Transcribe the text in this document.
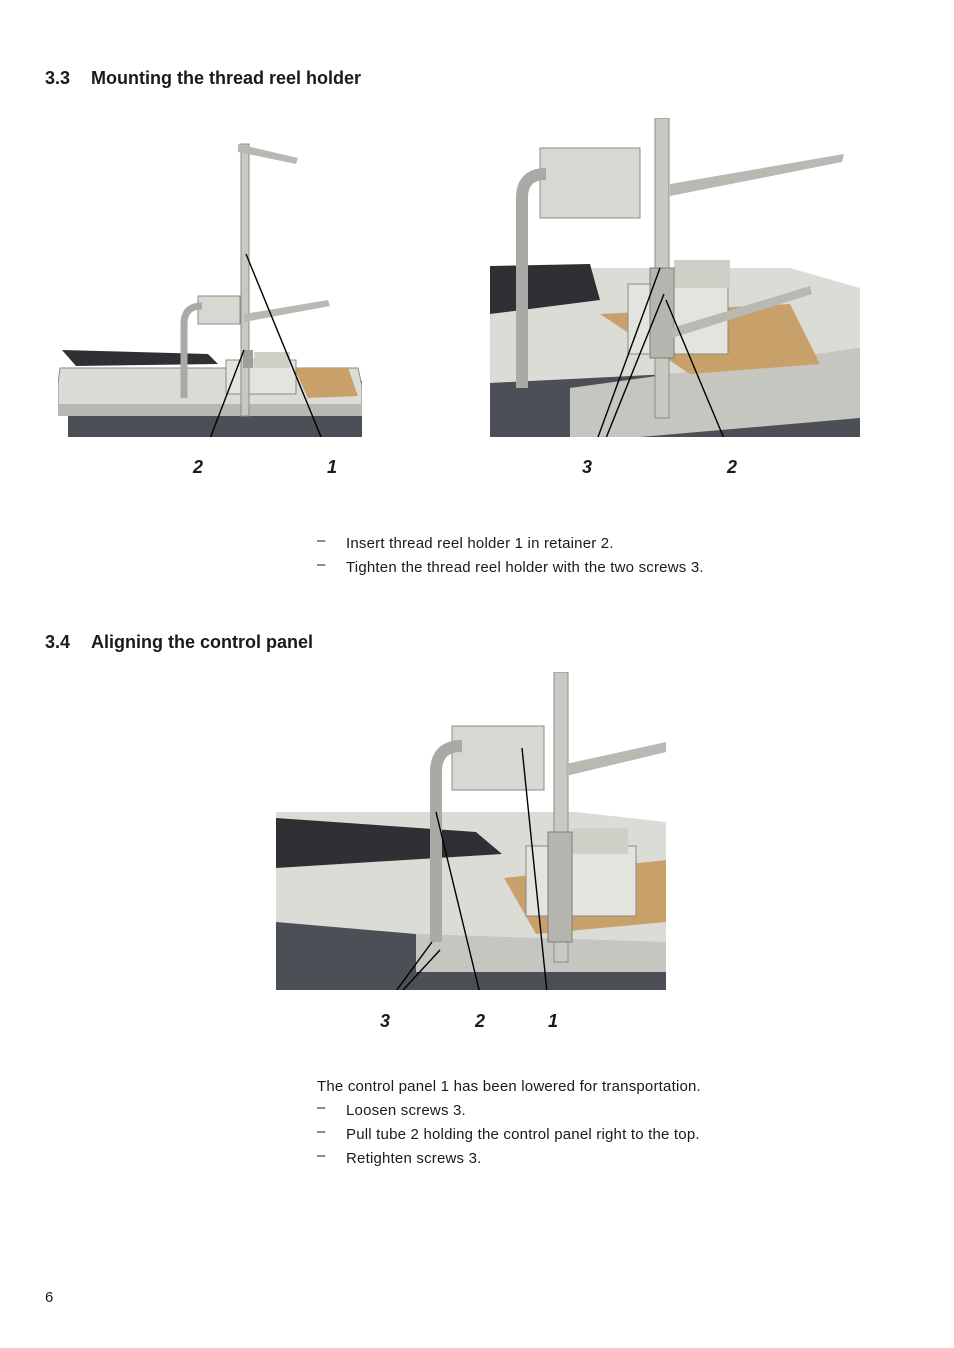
3.3 Mounting the thread reel holder
2	1	3	2
– Insert thread reel holder 1 in retainer 2.
– Tighten the thread reel holder with the two screws 3.
3.4 Aligning the control panel
3	2	1

The control panel 1 has been lowered for transportation.

– Loosen screws 3.
– Pull tube 2 holding the control panel right to the top.
– Retighten screws 3.
6
